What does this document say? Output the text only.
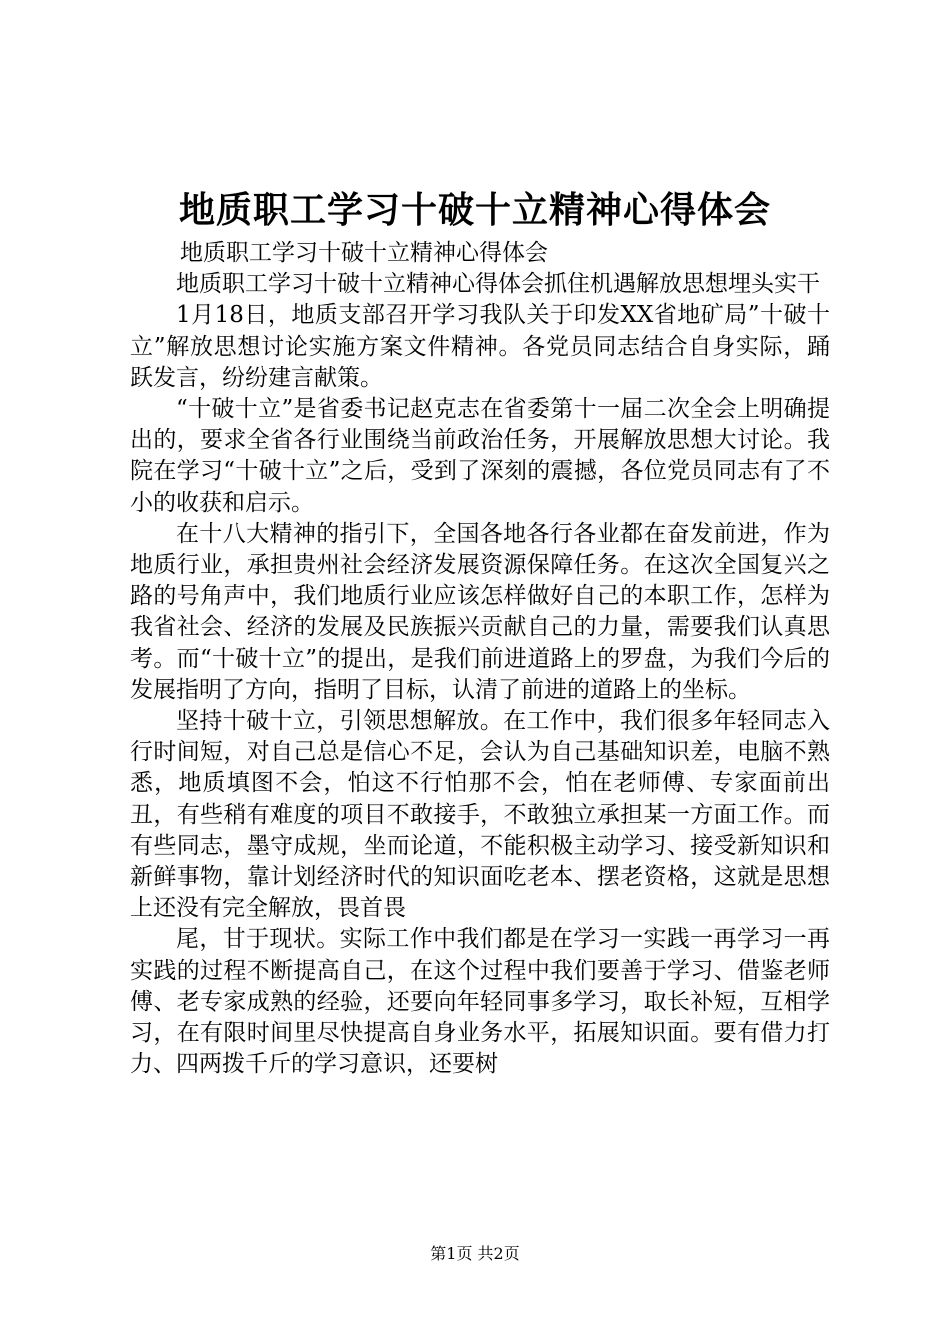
地质职工学习十破十立精神心得体会

地质职工学习十破十立精神心得体会

地质职工学习十破十立精神心得体会抓住机遇解放思想埋头实干

1月18日，地质支部召开学习我队关于印发XX省地矿局”十破十立”解放思想讨论实施方案文件精神。各党员同志结合自身实际，踊跃发言，纷纷建言献策。

“十破十立”是省委书记赵克志在省委第十一届二次全会上明确提出的，要求全省各行业围绕当前政治任务，开展解放思想大讨论。我院在学习“十破十立”之后，受到了深刻的震撼，各位党员同志有了不小的收获和启示。

在十八大精神的指引下，全国各地各行各业都在奋发前进，作为地质行业，承担贵州社会经济发展资源保障任务。在这次全国复兴之路的号角声中，我们地质行业应该怎样做好自己的本职工作，怎样为我省社会、经济的发展及民族振兴贡献自己的力量，需要我们认真思考。而“十破十立”的提出，是我们前进道路上的罗盘，为我们今后的发展指明了方向，指明了目标，认清了前进的道路上的坐标。

坚持十破十立，引领思想解放。在工作中，我们很多年轻同志入行时间短，对自己总是信心不足，会认为自己基础知识差，电脑不熟悉，地质填图不会，怕这不行怕那不会，怕在老师傅、专家面前出丑，有些稍有难度的项目不敢接手，不敢独立承担某一方面工作。而有些同志，墨守成规，坐而论道，不能积极主动学习、接受新知识和新鲜事物，靠计划经济时代的知识面吃老本、摆老资格，这就是思想上还没有完全解放，畏首畏

尾，甘于现状。实际工作中我们都是在学习一实践一再学习一再实践的过程不断提高自己，在这个过程中我们要善于学习、借鉴老师傅、老专家成熟的经验，还要向年轻同事多学习，取长补短，互相学习，在有限时间里尽快提高自身业务水平，拓展知识面。要有借力打力、四两拨千斤的学习意识，还要树

第1页 共2页
